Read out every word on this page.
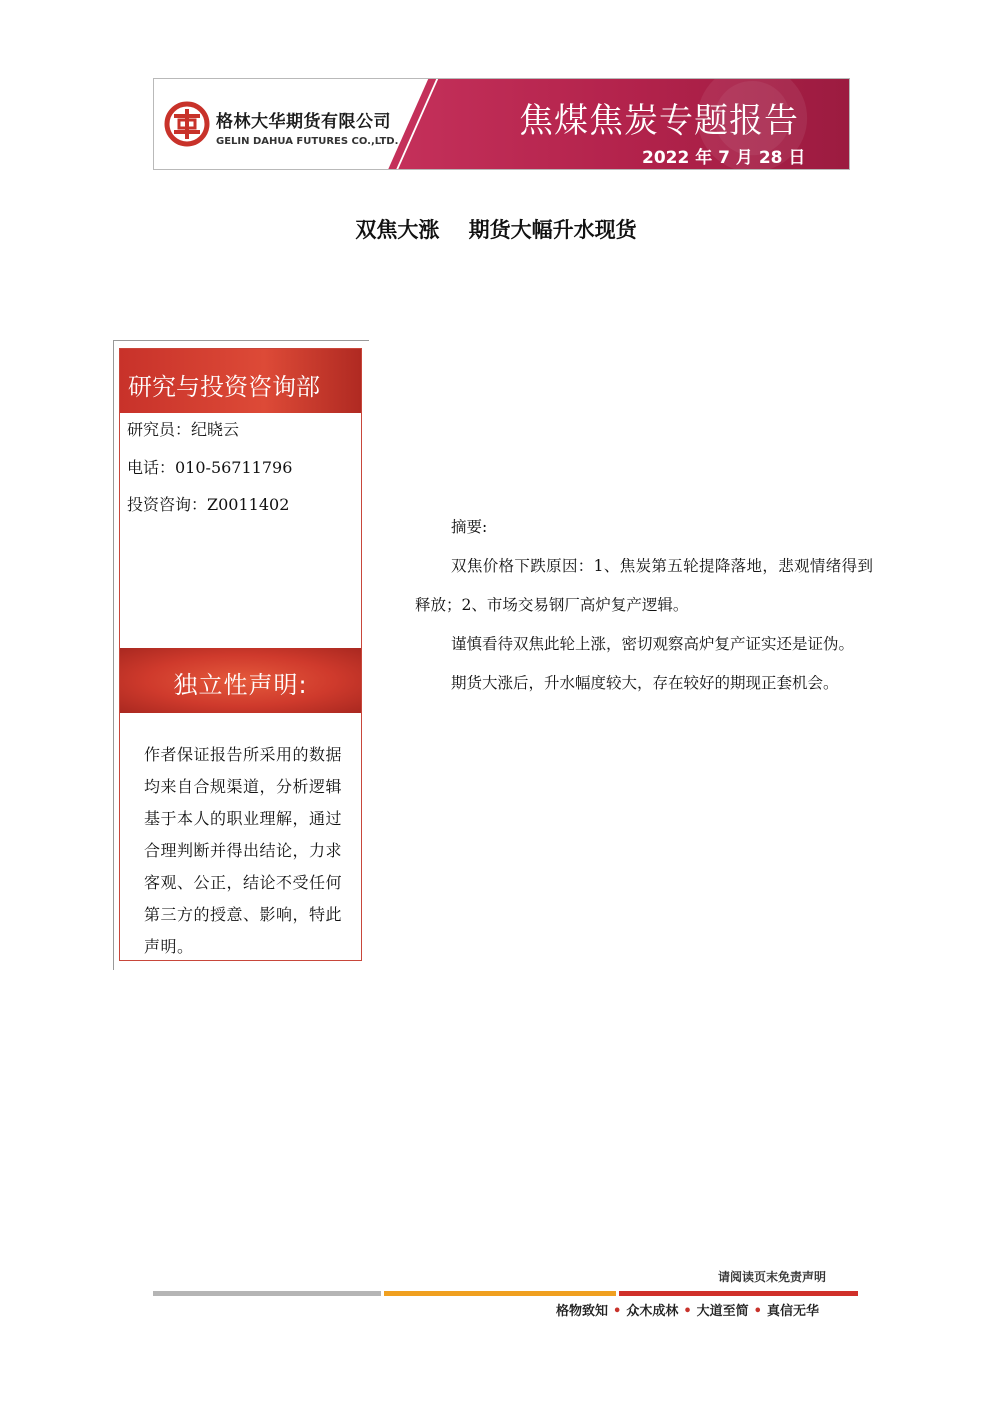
格林大华期货有限公司
GELIN DAHUA FUTURES CO.,LTD.
焦煤焦炭专题报告
2022 年 7 月 28 日
双焦大涨    期货大幅升水现货
研究与投资咨询部
研究员：纪晓云
电话：010-56711796
投资咨询：Z0011402
独立性声明:
作者保证报告所采用的数据均来自合规渠道，分析逻辑基于本人的职业理解，通过合理判断并得出结论，力求客观、公正，结论不受任何第三方的授意、影响，特此声明。

摘要:

双焦价格下跌原因：1、焦炭第五轮提降落地，悲观情绪得到释放；2、市场交易钢厂高炉复产逻辑。

谨慎看待双焦此轮上涨，密切观察高炉复产证实还是证伪。

期货大涨后，升水幅度较大，存在较好的期现正套机会。

请阅读页末免责声明
格物致知 • 众木成林 • 大道至简 • 真信无华
